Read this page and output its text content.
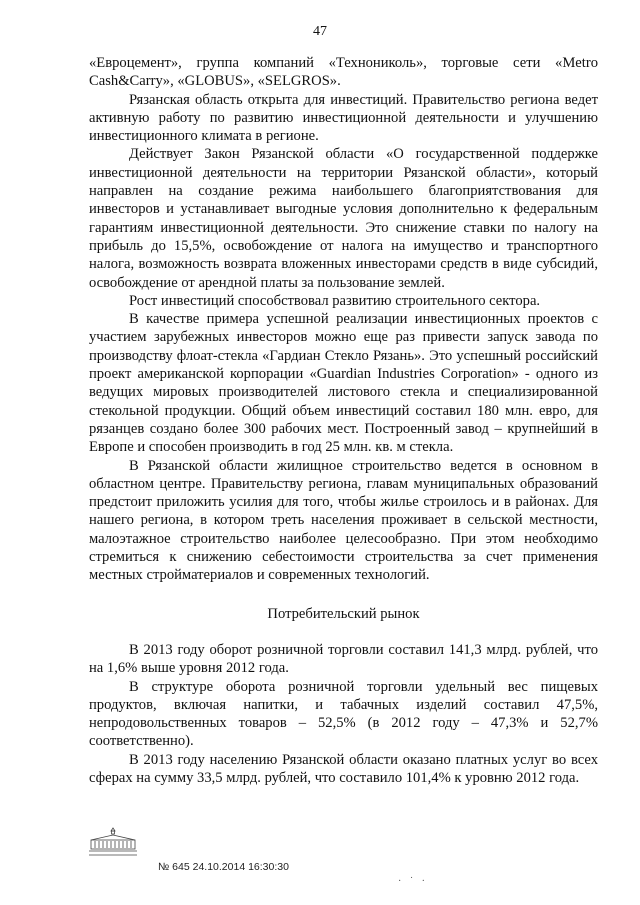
47

«Евроцемент», группа компаний «Технониколь», торговые сети «Metro Cash&Carry», «GLOBUS», «SELGROS».

Рязанская область открыта для инвестиций. Правительство региона ведет активную работу по развитию инвестиционной деятельности и улучшению инвестиционного климата в регионе.

Действует Закон Рязанской области «О государственной поддержке инвестиционной деятельности на территории Рязанской области», который направлен на создание режима наибольшего благоприятствования для инвесторов и устанавливает выгодные условия дополнительно к федеральным гарантиям инвестиционной деятельности. Это снижение ставки по налогу на прибыль до 15,5%, освобождение от налога на имущество и транспортного налога, возможность возврата вложенных инвесторами средств в виде субсидий, освобождение от арендной платы за пользование землей.

Рост инвестиций способствовал развитию строительного сектора.

В качестве примера успешной реализации инвестиционных проектов с участием зарубежных инвесторов можно еще раз привести запуск завода по производству флоат-стекла «Гардиан Стекло Рязань». Это успешный российский проект американской корпорации «Guardian Industries Corporation» - одного из ведущих мировых производителей листового стекла и специализированной стекольной продукции. Общий объем инвестиций составил 180 млн. евро, для рязанцев создано более 300 рабочих мест. Построенный завод – крупнейший в Европе и способен производить в год 25 млн. кв. м стекла.

В Рязанской области жилищное строительство ведется в основном в областном центре. Правительству региона, главам муниципальных образований предстоит приложить усилия для того, чтобы жилье строилось и в районах. Для нашего региона, в котором треть населения проживает в сельской местности, малоэтажное строительство наиболее целесообразно. При этом необходимо стремиться к снижению себестоимости строительства за счет применения местных стройматериалов и современных технологий.

Потребительский рынок

В 2013 году оборот розничной торговли составил 141,3 млрд. рублей, что на 1,6% выше уровня 2012 года.

В структуре оборота розничной торговли удельный вес пищевых продуктов, включая напитки, и табачных изделий составил 47,5%, непродовольственных товаров – 52,5% (в 2012 году – 47,3% и 52,7% соответственно).

В 2013 году населению Рязанской области оказано платных услуг во всех сферах на сумму 33,5 млрд. рублей, что составило 101,4% к уровню 2012 года.

№ 645 24.10.2014 16:30:30
· ˙ ·
